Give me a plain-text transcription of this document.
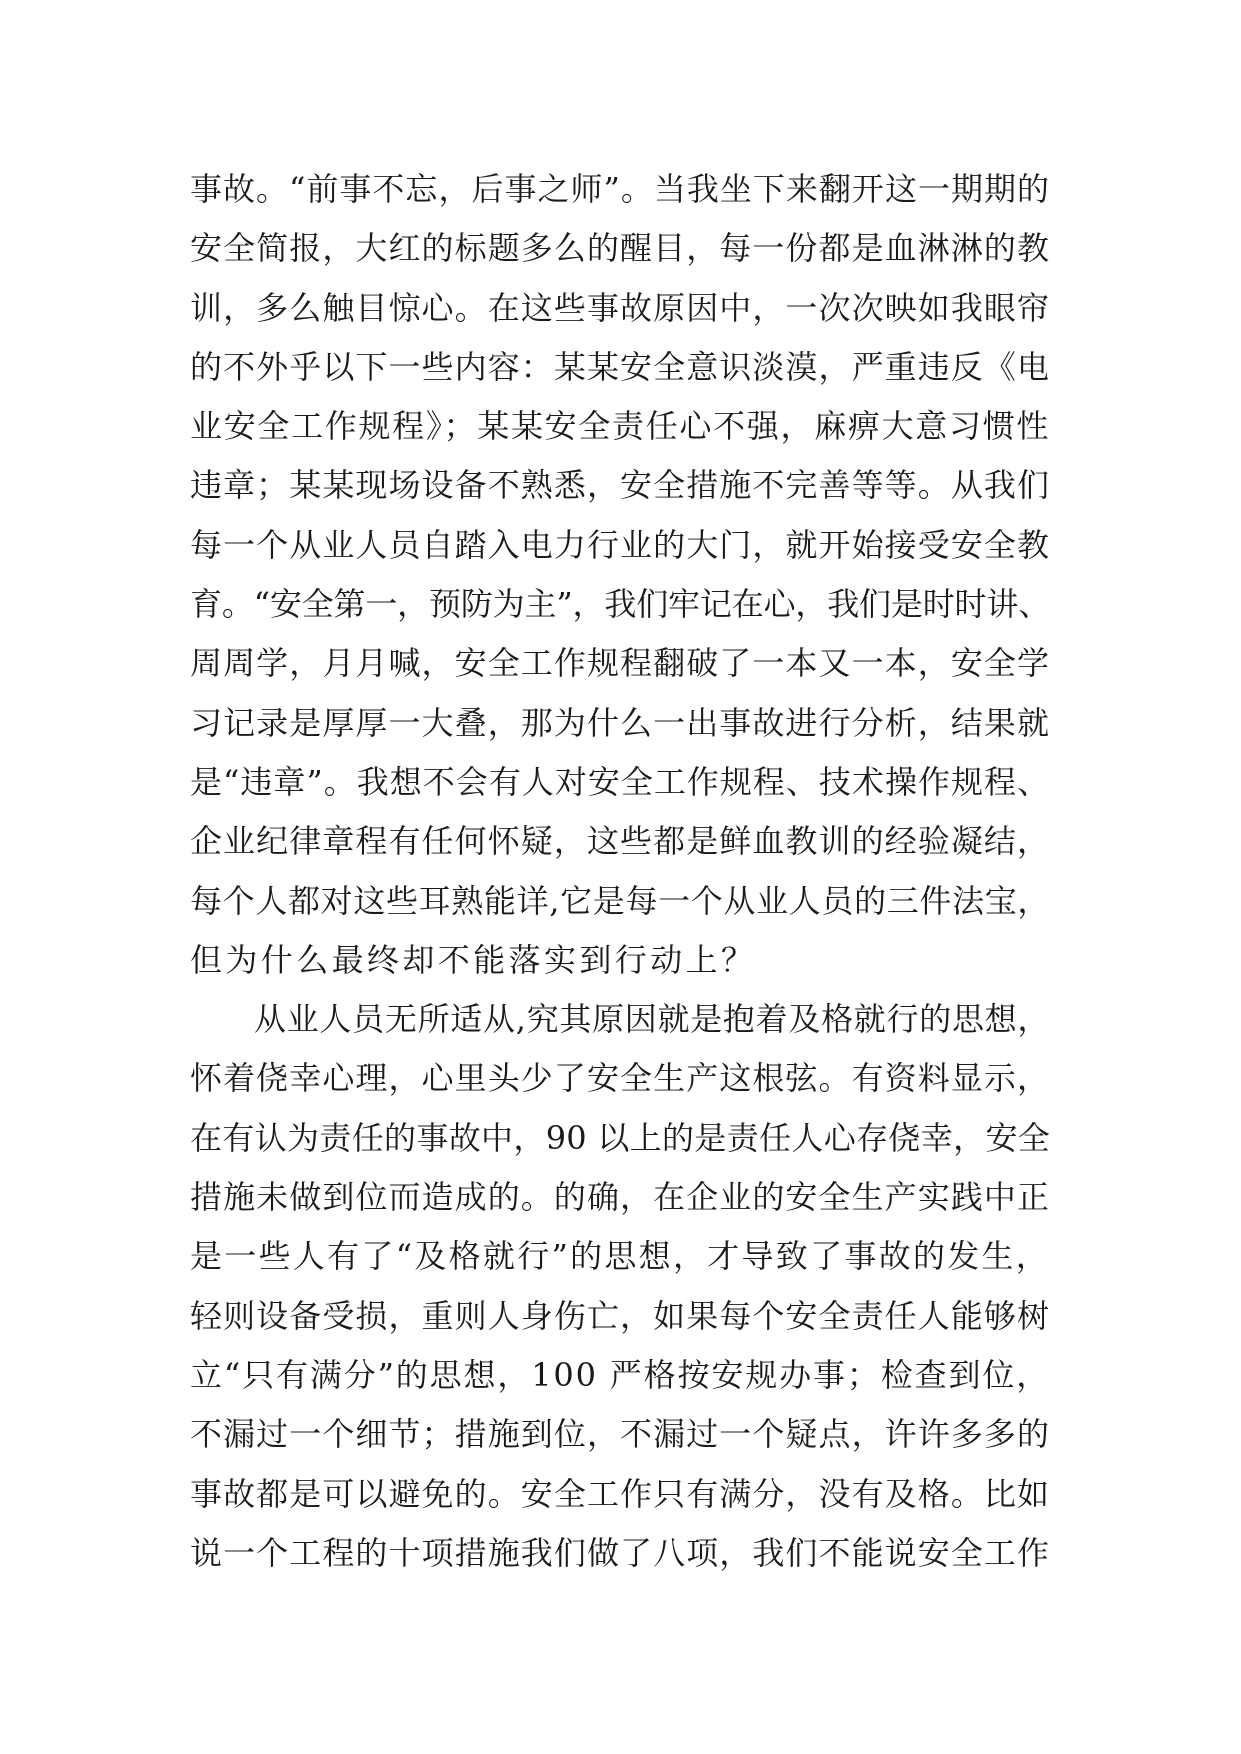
事故。“前事不忘，后事之师”。当我坐下来翻开这一期期的
安全简报，大红的标题多么的醒目，每一份都是血淋淋的教
训，多么触目惊心。在这些事故原因中，一次次映如我眼帘
的不外乎以下一些内容：某某安全意识淡漠，严重违反《电
业安全工作规程》；某某安全责任心不强，麻痹大意习惯性
违章；某某现场设备不熟悉，安全措施不完善等等。从我们
每一个从业人员自踏入电力行业的大门，就开始接受安全教
育。“安全第一，预防为主”，我们牢记在心，我们是时时讲、
周周学，月月喊，安全工作规程翻破了一本又一本，安全学
习记录是厚厚一大叠，那为什么一出事故进行分析，结果就
是“违章”。我想不会有人对安全工作规程、技术操作规程、
企业纪律章程有任何怀疑，这些都是鲜血教训的经验凝结，
每个人都对这些耳熟能详,它是每一个从业人员的三件法宝，
但为什么最终却不能落实到行动上？
从业人员无所适从,究其原因就是抱着及格就行的思想，
怀着侥幸心理，心里头少了安全生产这根弦。有资料显示，
在有认为责任的事故中，90 以上的是责任人心存侥幸，安全
措施未做到位而造成的。的确，在企业的安全生产实践中正
是一些人有了“及格就行”的思想，才导致了事故的发生，
轻则设备受损，重则人身伤亡，如果每个安全责任人能够树
立“只有满分”的思想，100 严格按安规办事；检查到位，
不漏过一个细节；措施到位，不漏过一个疑点，许许多多的
事故都是可以避免的。安全工作只有满分，没有及格。比如
说一个工程的十项措施我们做了八项，我们不能说安全工作
